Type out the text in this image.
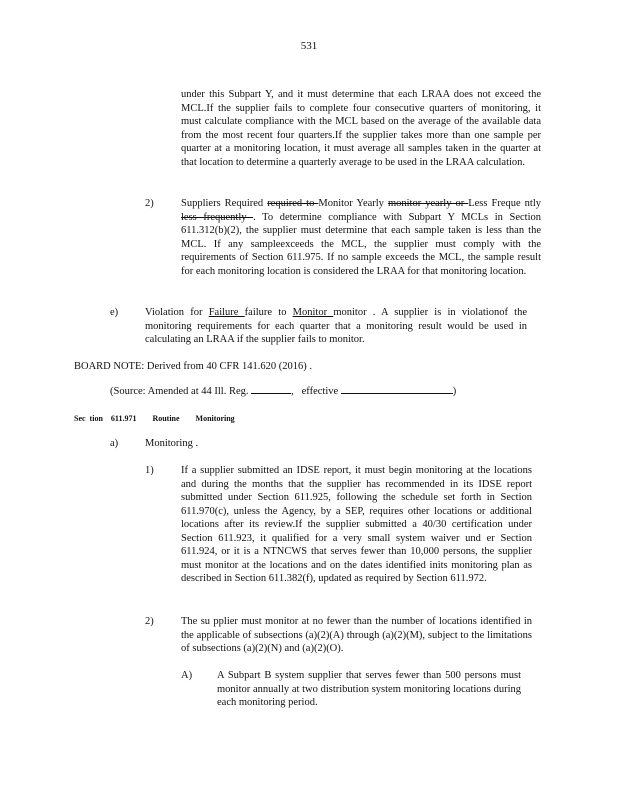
531
under this Subpart Y, and it must determine that each LRAA does not exceed the MCL.If the supplier fails to complete four consecutive quarters of monitoring, it must calculate compliance with the MCL based on the average of the available data from the most recent four quarters.If the supplier takes more than one sample per quarter at a monitoring location, it must average all samples taken in the quarter at that location to determine a quarterly average to be used in the LRAA calculation.
2)	Suppliers Required required to Monitor Yearly monitor yearly or Less Freque ntly less frequently . To determine compliance with Subpart Y MCLs in Section 611.312(b)(2), the supplier must determine that each sample taken is less than the MCL. If any sampleexceeds the MCL, the supplier must comply with the requirements of Section 611.975. If no sample exceeds the MCL, the sample result for each monitoring location is considered the LRAA for that monitoring location.
e)	Violation for Failure failure to Monitor monitor . A supplier is in violationof the monitoring requirements for each quarter that a monitoring result would be used in calculating an LRAA if the supplier fails to monitor.
BOARD NOTE: Derived from 40 CFR 141.620 (2016) .
(Source: Amended at 44 Ill. Reg.	, effective	)
Sec  tion    611.971        Routine        Monitoring
a)	Monitoring .
1)	If a supplier submitted an IDSE report, it must begin monitoring at the locations and during the months that the supplier has recommended in its IDSE report submitted under Section 611.925, following the schedule set forth in Section 611.970(c), unless the Agency, by a SEP, requires other locations or additional locations after its review.If the supplier submitted a 40/30 certification under Section 611.923, it qualified for a very small system waiver und er Section 611.924, or it is a NTNCWS that serves fewer than 10,000 persons, the supplier must monitor at the locations and on the dates identified inits monitoring plan as described in Section 611.382(f), updated as required by Section 611.972.
2)	The su pplier must monitor at no fewer than the number of locations identified in the applicable of subsections (a)(2)(A) through (a)(2)(M), subject to the limitations of subsections (a)(2)(N) and (a)(2)(O).
A) A Subpart B system supplier that serves fewer than 500 persons must monitor annually at two distribution system monitoring locations during each monitoring period.
